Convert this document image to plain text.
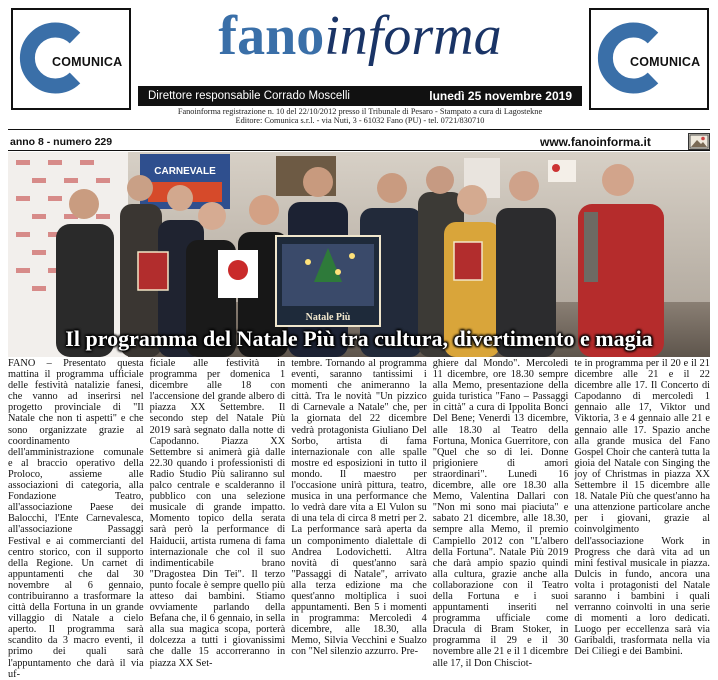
COMUNICA	COMUNICA
fanoinforma
Direttore responsabile Corrado Moscelli	lunedì 25 novembre 2019
Fanoinforma registrazione n. 10 del 22/10/2012 presso il Tribunale di Pesaro - Stampato a cura di Lagostekne
Editore: Comunica s.r.l. - via Nuti, 3 - 61032 Fano (PU) - tel. 0721/830710
anno 8 - numero 229	www.fanoinforma.it
CARNEVALE
Natale Più
Il programma del Natale Più tra cultura, divertimento e magia
FANO – Presentato questa mattina il programma ufficiale delle festività natalizie fanesi, che vanno ad inserirsi nel progetto provinciale di "Il Natale che non ti aspetti" e che sono organizzate grazie al coordinamento dell'amministrazione comunale e al braccio operativo della Proloco, assieme alle associazioni di categoria, alla Fondazione Teatro, all'associazione Paese dei Balocchi, l'Ente Carnevalesca, all'associazione Passaggi Festival e ai commercianti del centro storico, con il supporto della Regione. Un carnet di appuntamenti che dal 30 novembre al 6 gennaio, contribuiranno a trasformare la città della Fortuna in un grande villaggio di Natale a cielo aperto. Il programma sarà scandito da 3 macro eventi, il primo dei quali sarà l'appuntamento che darà il via uf-
ficiale alle festività in programma per domenica 1 dicembre alle 18 con l'accensione del grande albero di piazza XX Settembre. Il secondo step del Natale Più 2019 sarà segnato dalla notte di Capodanno. Piazza XX Settembre si animerà già dalle 22.30 quando i professionisti di Radio Studio Più saliranno sul palco centrale e scalderanno il pubblico con una selezione musicale di grande impatto. Momento topico della serata sarà però la performance di Haiducii, artista rumena di fama internazionale che col il suo indimenticabile brano "Dragostea Din Tei". Il terzo punto focale è sempre quello più atteso dai bambini. Stiamo ovviamente parlando della Befana che, il 6 gennaio, in sella alla sua magica scopa, porterà dolcezza a tutti i giovanissimi che dalle 15 accorreranno in piazza XX Set-
tembre. Tornando al programma eventi, saranno tantissimi i momenti che animeranno la città. Tra le novità "Un pizzico di Carnevale a Natale" che, per la giornata del 22 dicembre vedrà protagonista Giuliano Del Sorbo, artista di fama internazionale con alle spalle mostre ed esposizioni in tutto il mondo. Il maestro per l'occasione unirà pittura, teatro, musica in una performance che lo vedrà dare vita a El Vulon su di una tela di circa 8 metri per 2. La performance sarà aperta da un componimento dialettale di Andrea Lodovichetti. Altra novità di quest'anno sarà "Passaggi di Natale", arrivato alla terza edizione ma che quest'anno moltiplica i suoi appuntamenti. Ben 5 i momenti in programma: Mercoledì 4 dicembre, alle 18.30, alla Memo, Silvia Vecchini e Sualzo con "Nel silenzio azzurro. Pre-
ghiere dal Mondo". Mercoledì 11 dicembre, ore 18.30 sempre alla Memo, presentazione della guida turistica "Fano – Passaggi in città" a cura di Ippolita Bonci Del Bene; Venerdì 13 dicembre, alle 18.30 al Teatro della Fortuna, Monica Guerritore, con "Quel che so di lei. Donne prigioniere di amori straordinari". Lunedì 16 dicembre, alle ore 18.30 alla Memo, Valentina Dallari con "Non mi sono mai piaciuta" e sabato 21 dicembre, alle 18.30, sempre alla Memo, il premio Campiello 2012 con "L'albero della Fortuna". Natale Più 2019 che darà ampio spazio quindi alla cultura, grazie anche alla collaborazione con il Teatro della Fortuna e i suoi appuntamenti inseriti nel programma ufficiale come Dracula di Bram Stoker, in programma il 29 e il 30 novembre alle 21 e il 1 dicembre alle 17, il Don Chisciot-
te in programma per il 20 e il 21 dicembre alle 21 e il 22 dicembre alle 17. Il Concerto di Capodanno di mercoledì 1 gennaio alle 17, Viktor und Viktoria, 3 e 4 gennaio alle 21 e gennaio alle 17. Spazio anche alla grande musica del Fano Gospel Choir che canterà tutta la gioia del Natale con Singing the joy of Christmas in piazza XX Settembre il 15 dicembre alle 18. Natale Più che quest'anno ha una attenzione particolare anche per i giovani, grazie al coinvolgimento dell'associazione Work in Progress che darà vita ad un mini festival musicale in piazza. Dulcis in fundo, ancora una volta i protagonisti del Natale saranno i bambini i quali verranno coinvolti in una serie di momenti a loro dedicati. Luogo per eccellenza sarà via Garibaldi, trasformata nella via Dei Ciliegi e dei Bambini.
